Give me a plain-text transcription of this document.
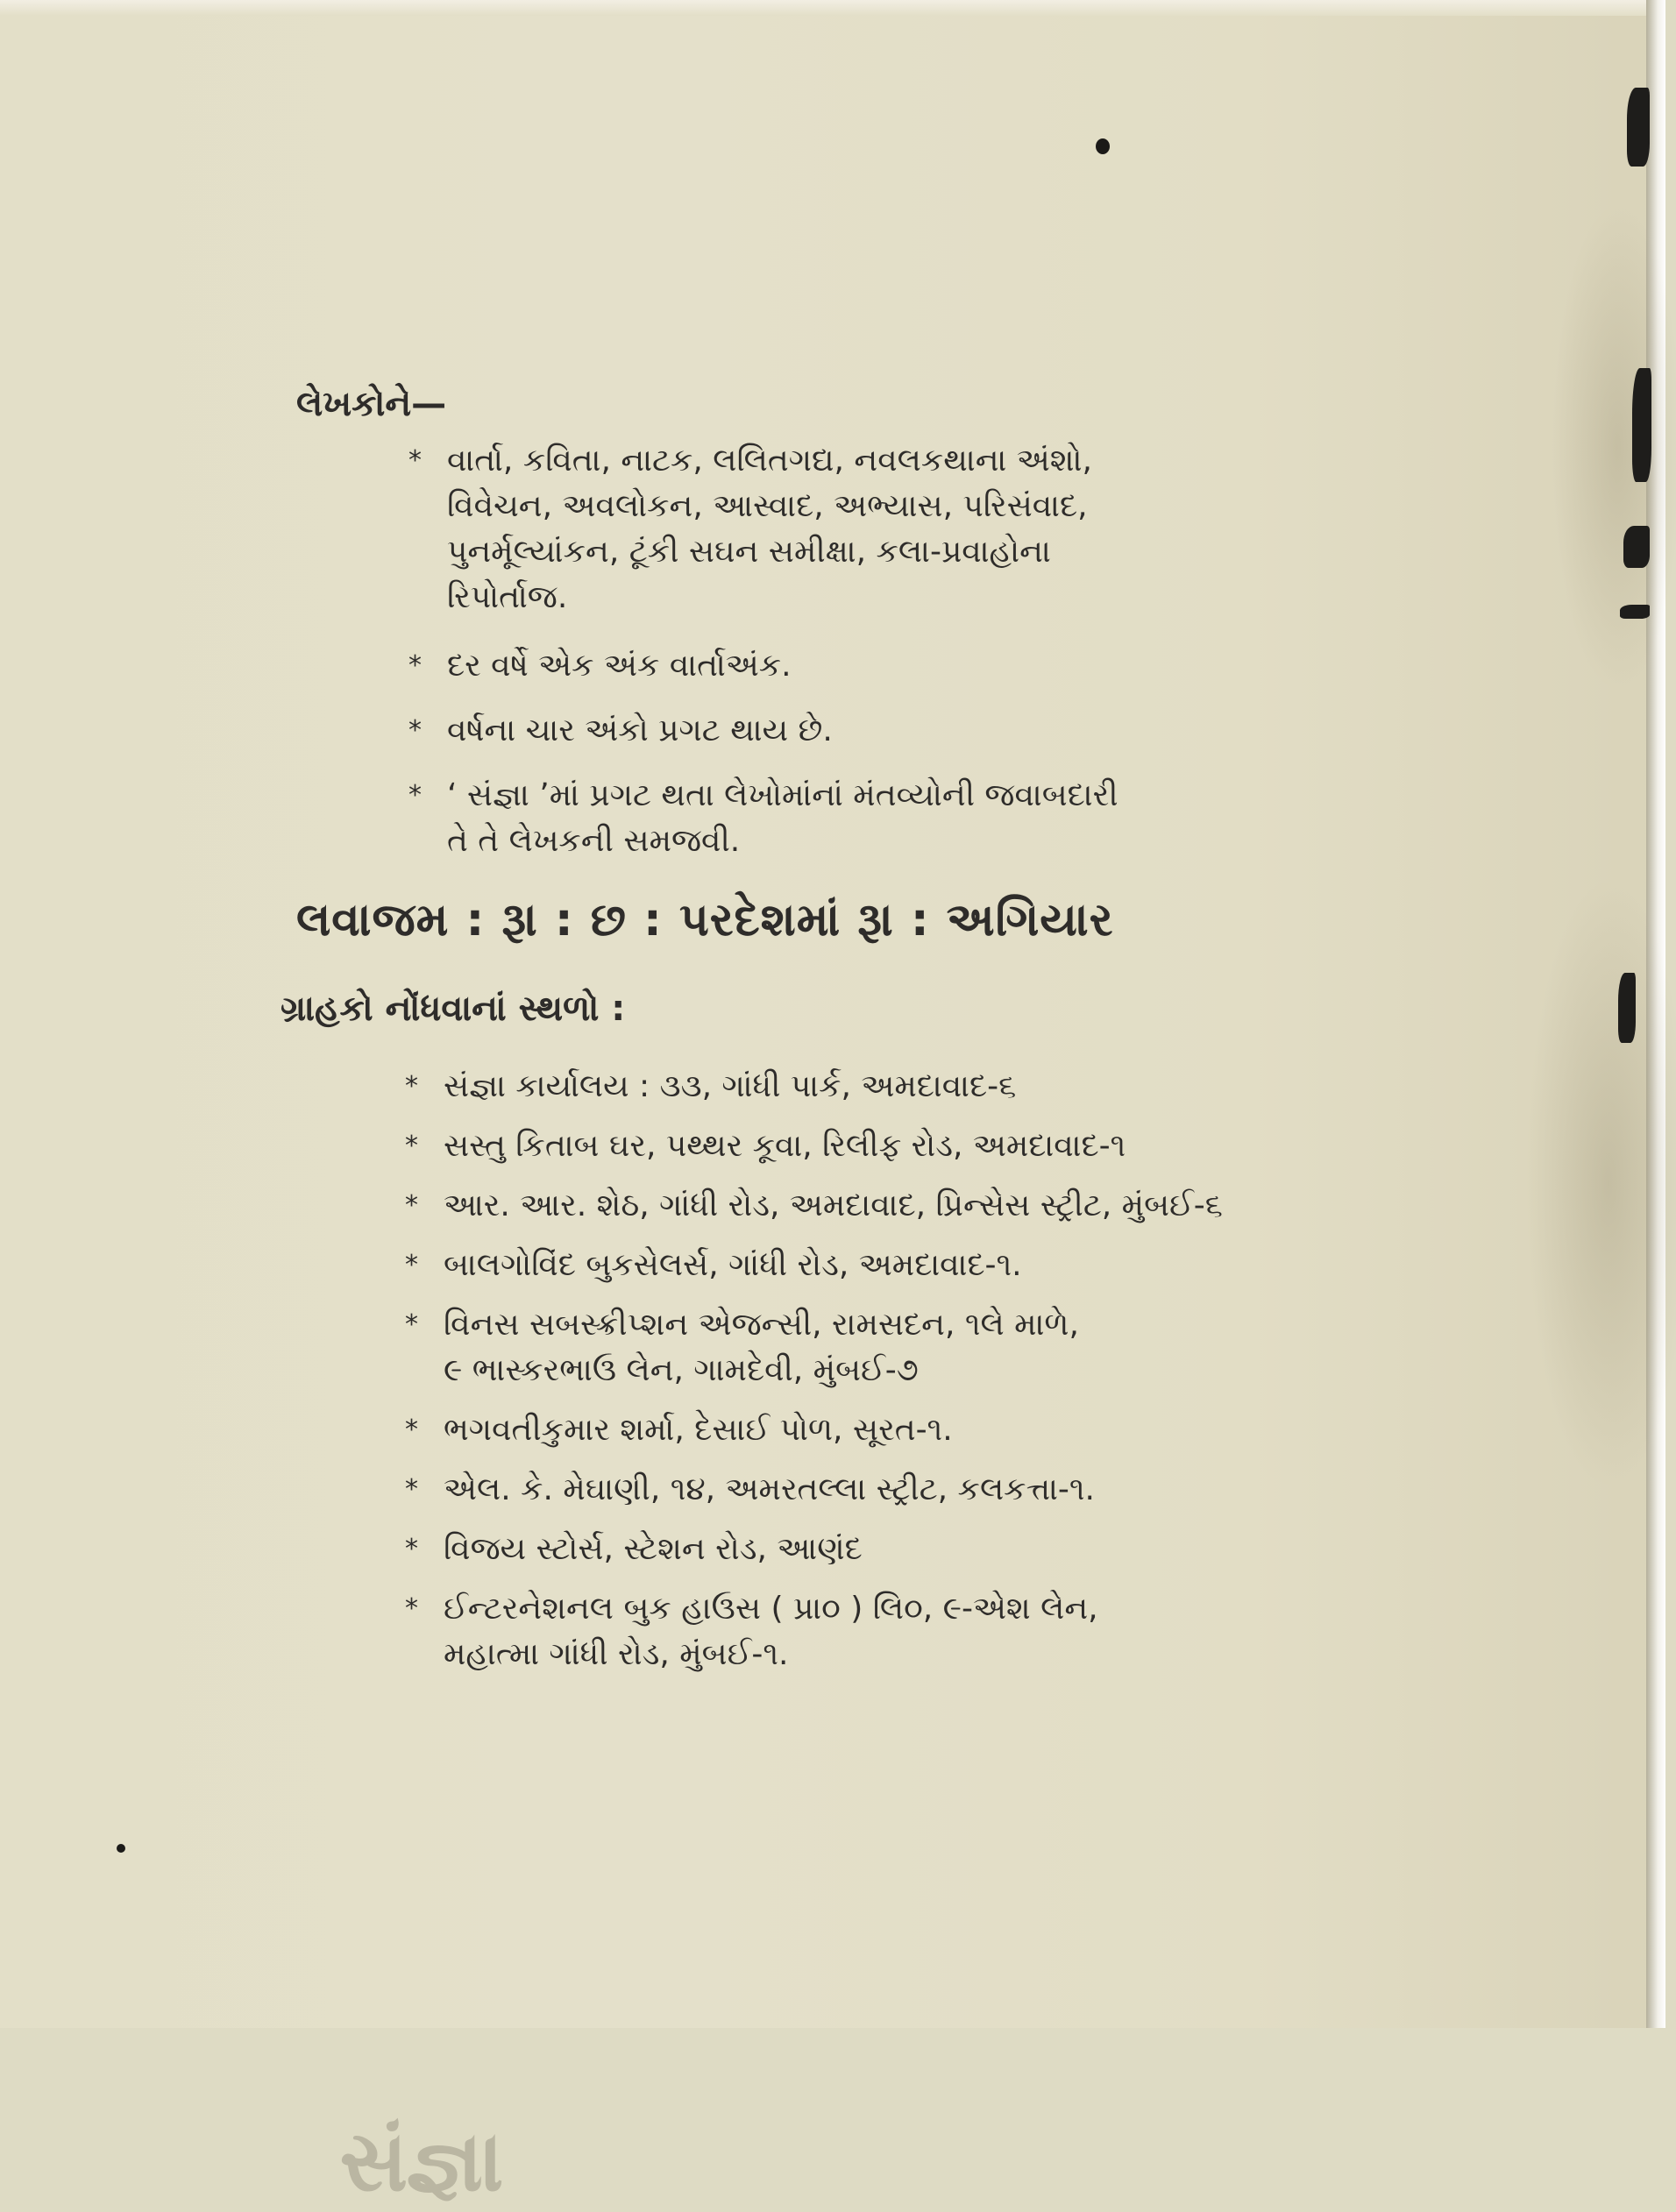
લેખકોને—
* વાર્તા, કવિતા, નાટક, લલિતગદ્ય, નવલકથાના અંશો,
વિવેચન, અવલોકન, આસ્વાદ, અભ્યાસ, પરિસંવાદ,
પુનર્મૂલ્યાંકન, ટૂંકી સઘન સમીક્ષા, કલા-પ્રવાહોના
રિપોર્તાજ.
* દર વર્ષે એક અંક વાર્તાઅંક.
* વર્ષના ચાર અંકો પ્રગટ થાય છે.
* ‘ સંજ્ઞા ’માં પ્રગટ થતા લેખોમાંનાં મંતવ્યોની જવાબદારી
તે તે લેખકની સમજવી.
લવાજમ : રૂા : છ : પરદેશમાં રૂા : અગિયાર
ગ્રાહકો નોંધવાનાં સ્થળો :
* સંજ્ઞા કાર્યાલય : ૩૩, ગાંધી પાર્ક, અમદાવાદ-૬
* સસ્તુ કિતાબ ઘર, પથ્થર કૂવા, રિલીફ રોડ, અમદાવાદ-૧
* આર. આર. શેઠ, ગાંધી રોડ, અમદાવાદ, પ્રિન્સેસ સ્ટ્રીટ, મુંબઈ-૬
* બાલગોવિંદ બુકસેલર્સ, ગાંધી રોડ, અમદાવાદ-૧.
* વિનસ સબસ્ક્રીપ્શન એજન્સી, રામસદન, ૧લે માળે,
૯ ભાસ્કરભાઉ લેન, ગામદેવી, મુંબઈ-૭
* ભગવતીકુમાર શર્મા, દેસાઈ પોળ, સૂરત-૧.
* એલ. કે. મેઘાણી, ૧૪, અમરતલ્લા સ્ટ્રીટ, કલકત્તા-૧.
* વિજય સ્ટોર્સ, સ્ટેશન રોડ, આણંદ
* ઈન્ટરનેશનલ બુક હાઉસ ( પ્રા૦ ) લિ૦, ૯-એશ લેન,
મહાત્મા ગાંધી રોડ, મુંબઈ-૧.
સંજ્ઞા
